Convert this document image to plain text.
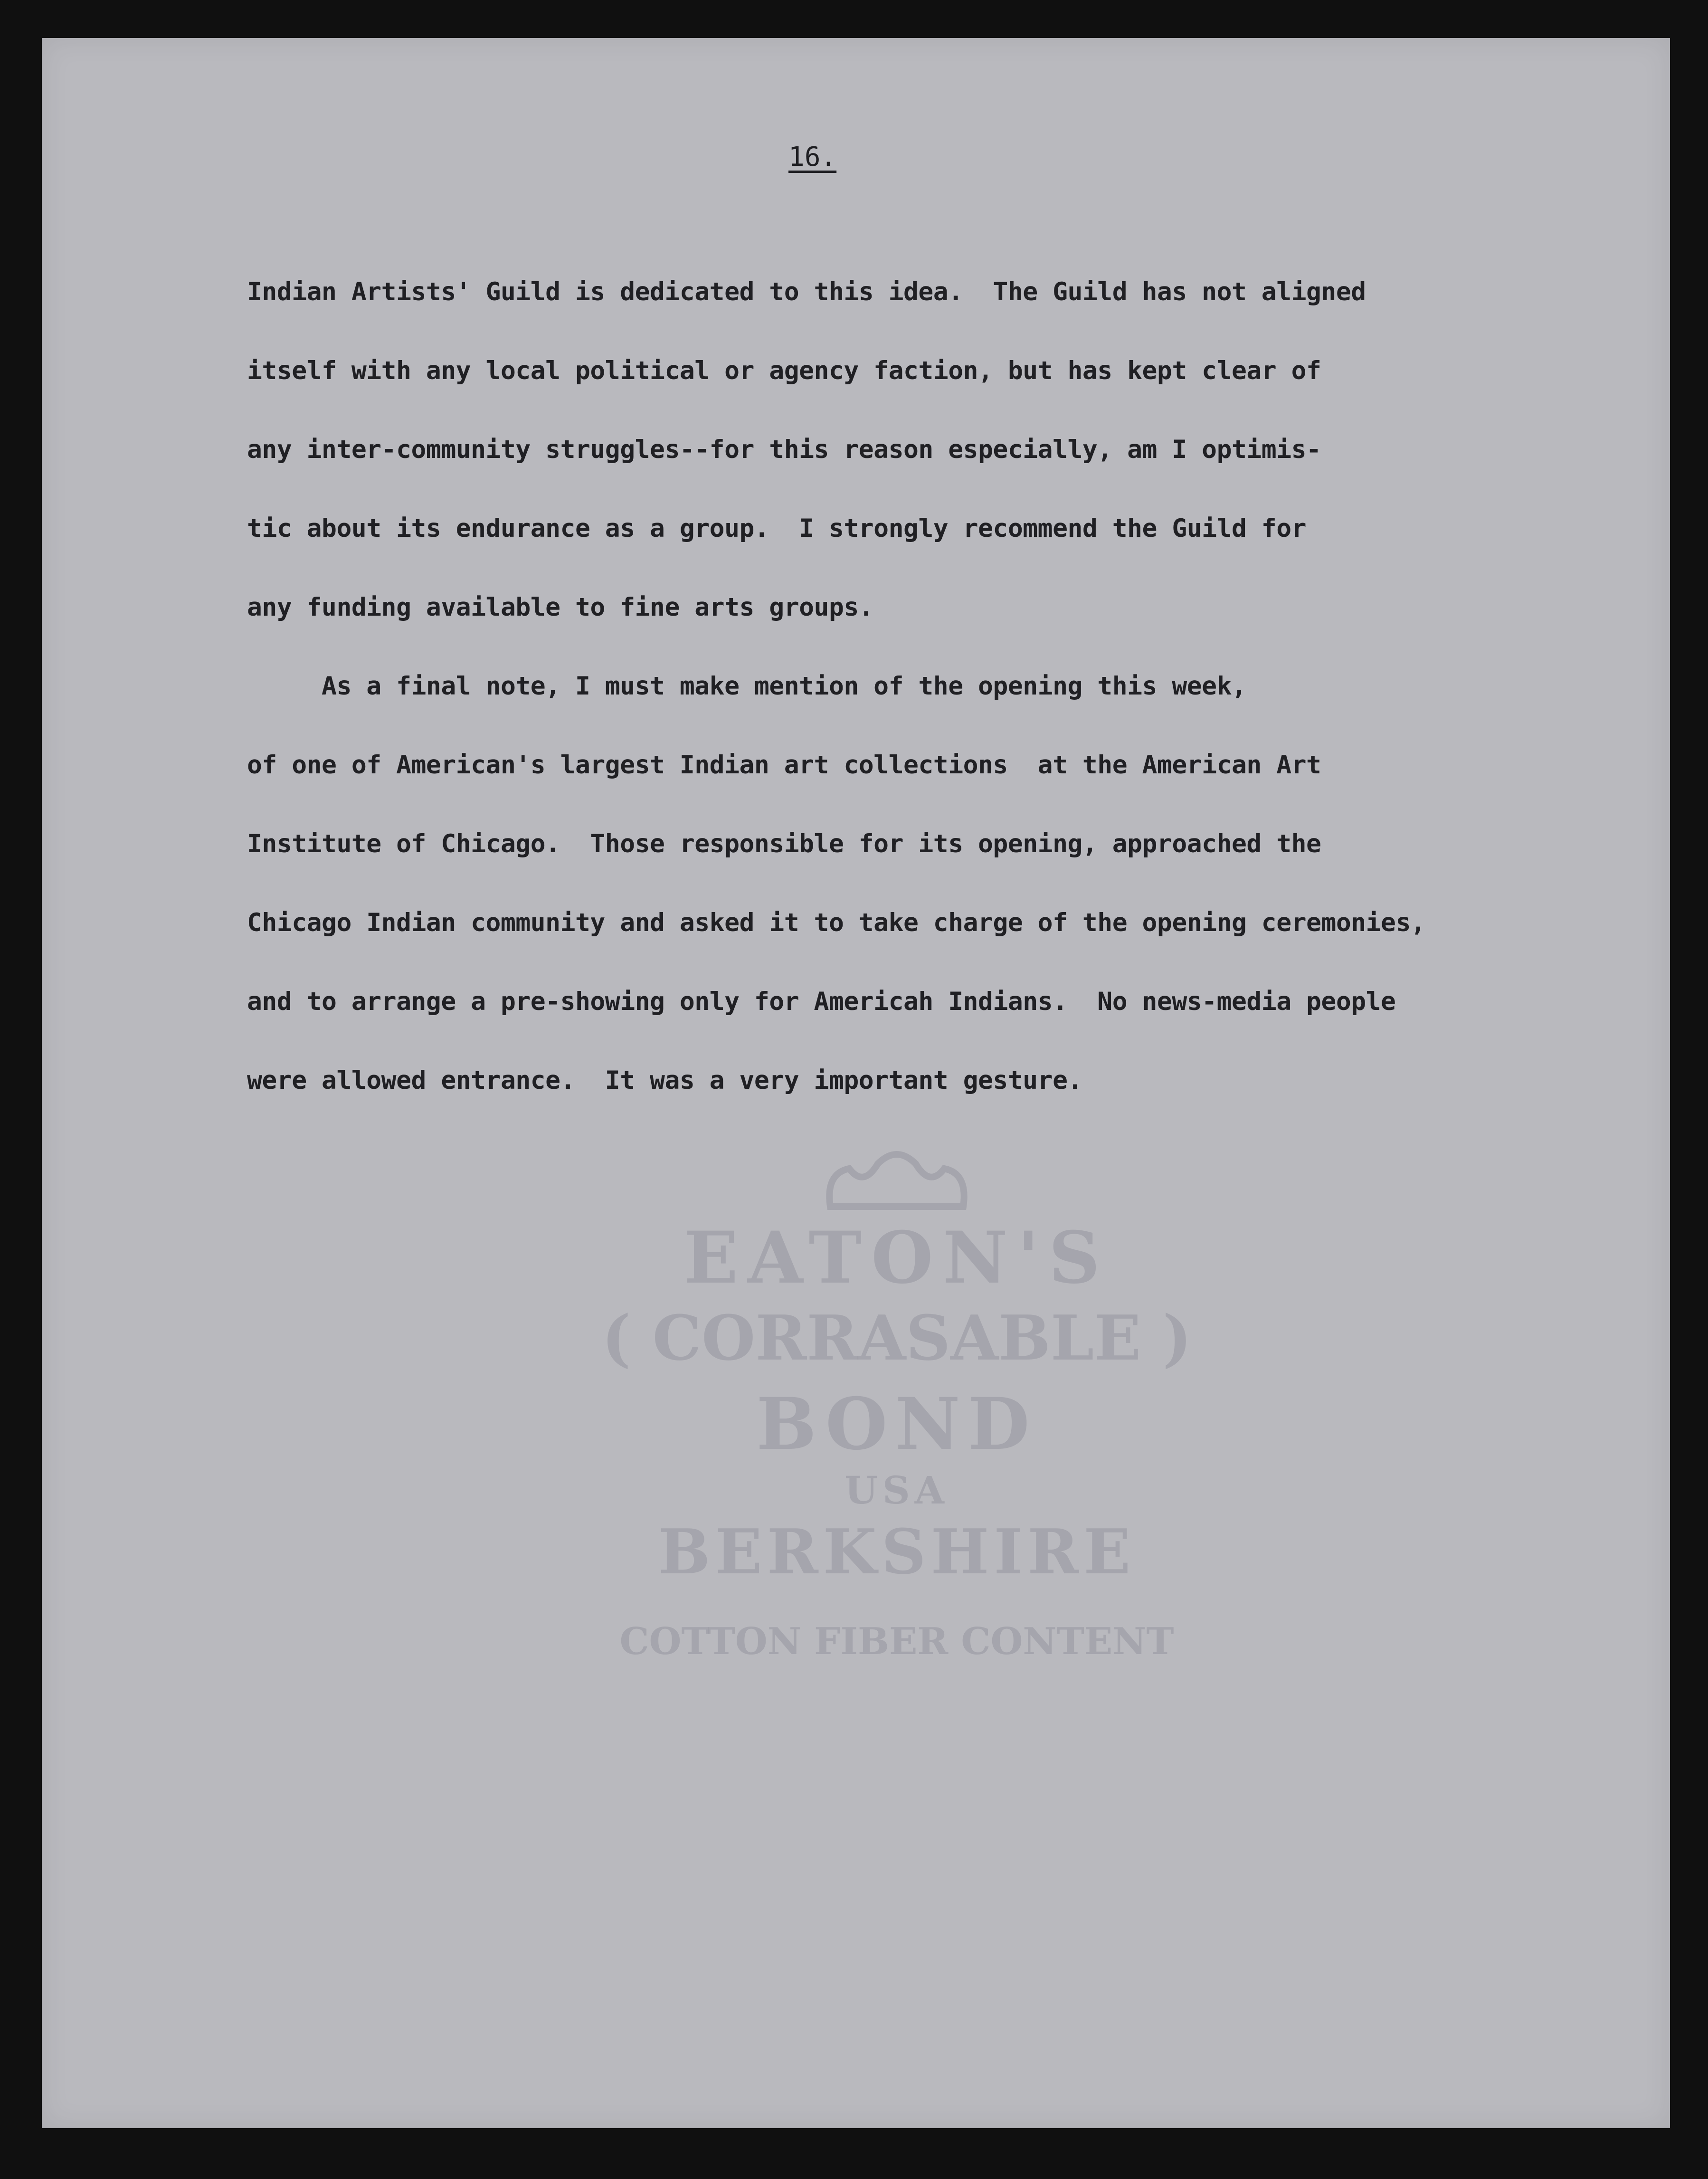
EATON'S

( CORRASABLE )

BOND

USA

BERKSHIRE

COTTON FIBER CONTENT

16.

Indian Artists' Guild is dedicated to this idea.  The Guild has not aligned
itself with any local political or agency faction, but has kept clear of
any inter-community struggles--for this reason especially, am I optimis-
tic about its endurance as a group.  I strongly recommend the Guild for
any funding available to fine arts groups.
As a final note, I must make mention of the opening this week,
of one of American's largest Indian art collections  at the American Art
Institute of Chicago.  Those responsible for its opening, approached the
Chicago Indian community and asked it to take charge of the opening ceremonies,
and to arrange a pre-showing only for Americah Indians.  No news-media people
were allowed entrance.  It was a very important gesture.
